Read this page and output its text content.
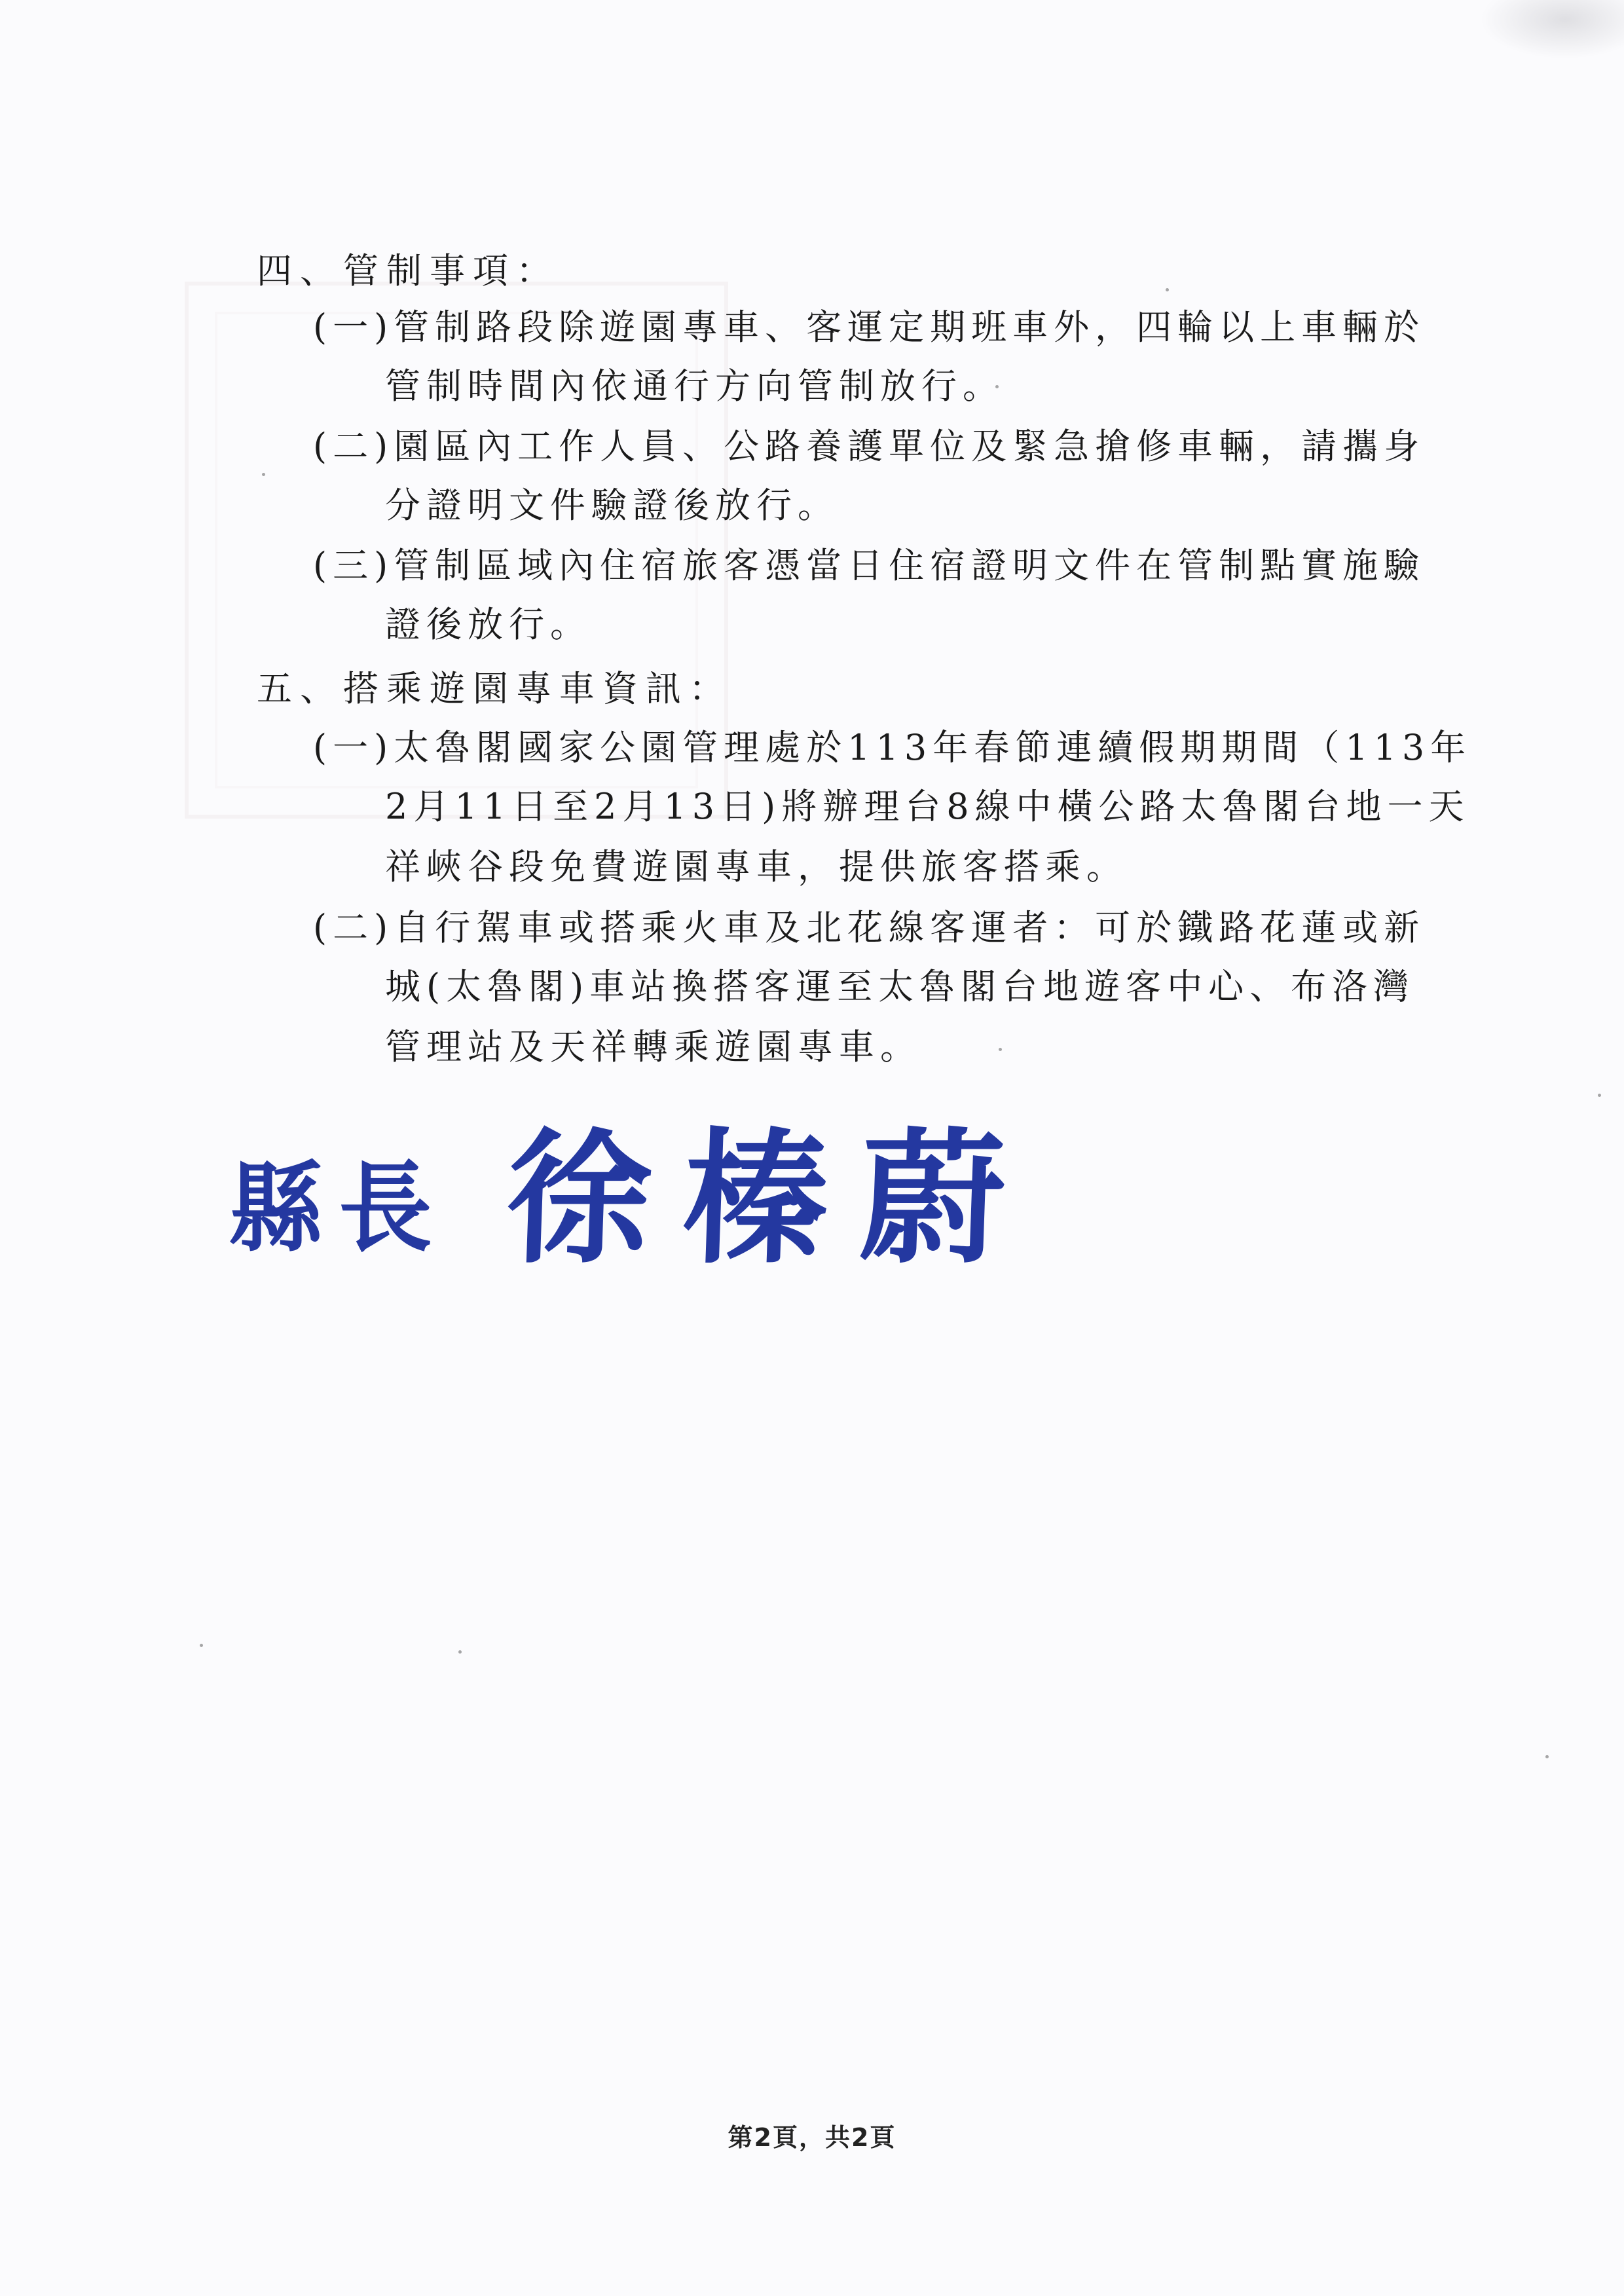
四、管制事項：
(一)管制路段除遊園專車、客運定期班車外，四輪以上車輛於
管制時間內依通行方向管制放行。
(二)園區內工作人員、公路養護單位及緊急搶修車輛，請攜身
分證明文件驗證後放行。
(三)管制區域內住宿旅客憑當日住宿證明文件在管制點實施驗
證後放行。
五、搭乘遊園專車資訊：
(一)太魯閣國家公園管理處於113年春節連續假期期間（113年
2月11日至2月13日)將辦理台8線中橫公路太魯閣台地一天
祥峽谷段免費遊園專車，提供旅客搭乘。
(二)自行駕車或搭乘火車及北花線客運者：可於鐵路花蓮或新
城(太魯閣)車站換搭客運至太魯閣台地遊客中心、布洛灣
管理站及天祥轉乘遊園專車。
縣長 徐榛蔚
第2頁，共2頁
